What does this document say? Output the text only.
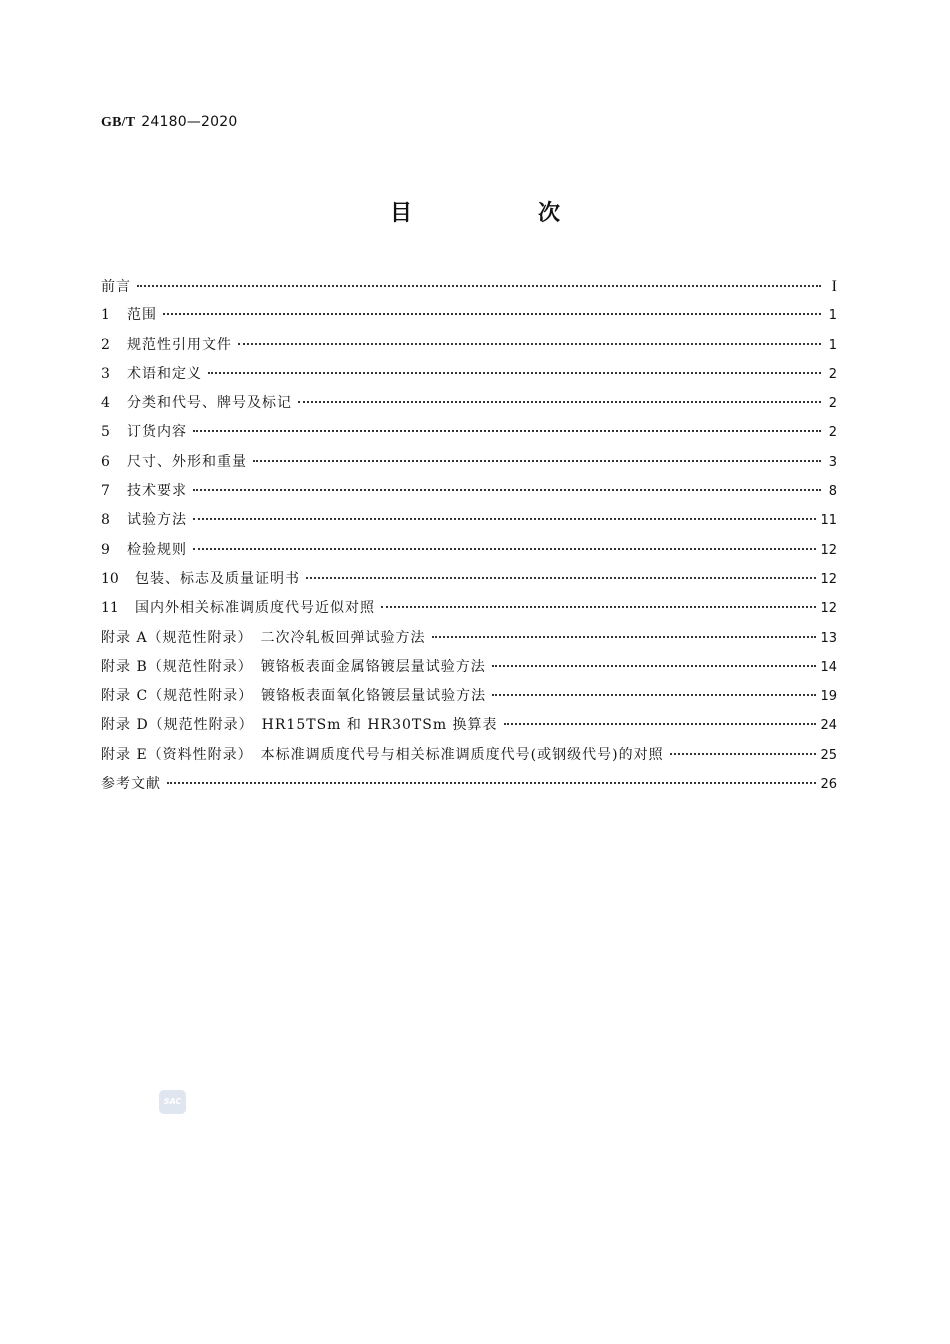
GB/T 24180—2020
目　次
前言	I
1	范围	1
2	规范性引用文件	1
3	术语和定义	2
4	分类和代号、牌号及标记	2
5	订货内容	2
6	尺寸、外形和重量	3
7	技术要求	8
8	试验方法	11
9	检验规则	12
10	包装、标志及质量证明书	12
11	国内外相关标准调质度代号近似对照	12
附录 A（规范性附录）　二次冷轧板回弹试验方法	13
附录 B（规范性附录）　镀铬板表面金属铬镀层量试验方法	14
附录 C（规范性附录）　镀铬板表面氧化铬镀层量试验方法	19
附录 D（规范性附录）　HR15TSm 和 HR30TSm 换算表	24
附录 E（资料性附录）　本标准调质度代号与相关标准调质度代号(或钢级代号)的对照	25
参考文献	26
SAC
